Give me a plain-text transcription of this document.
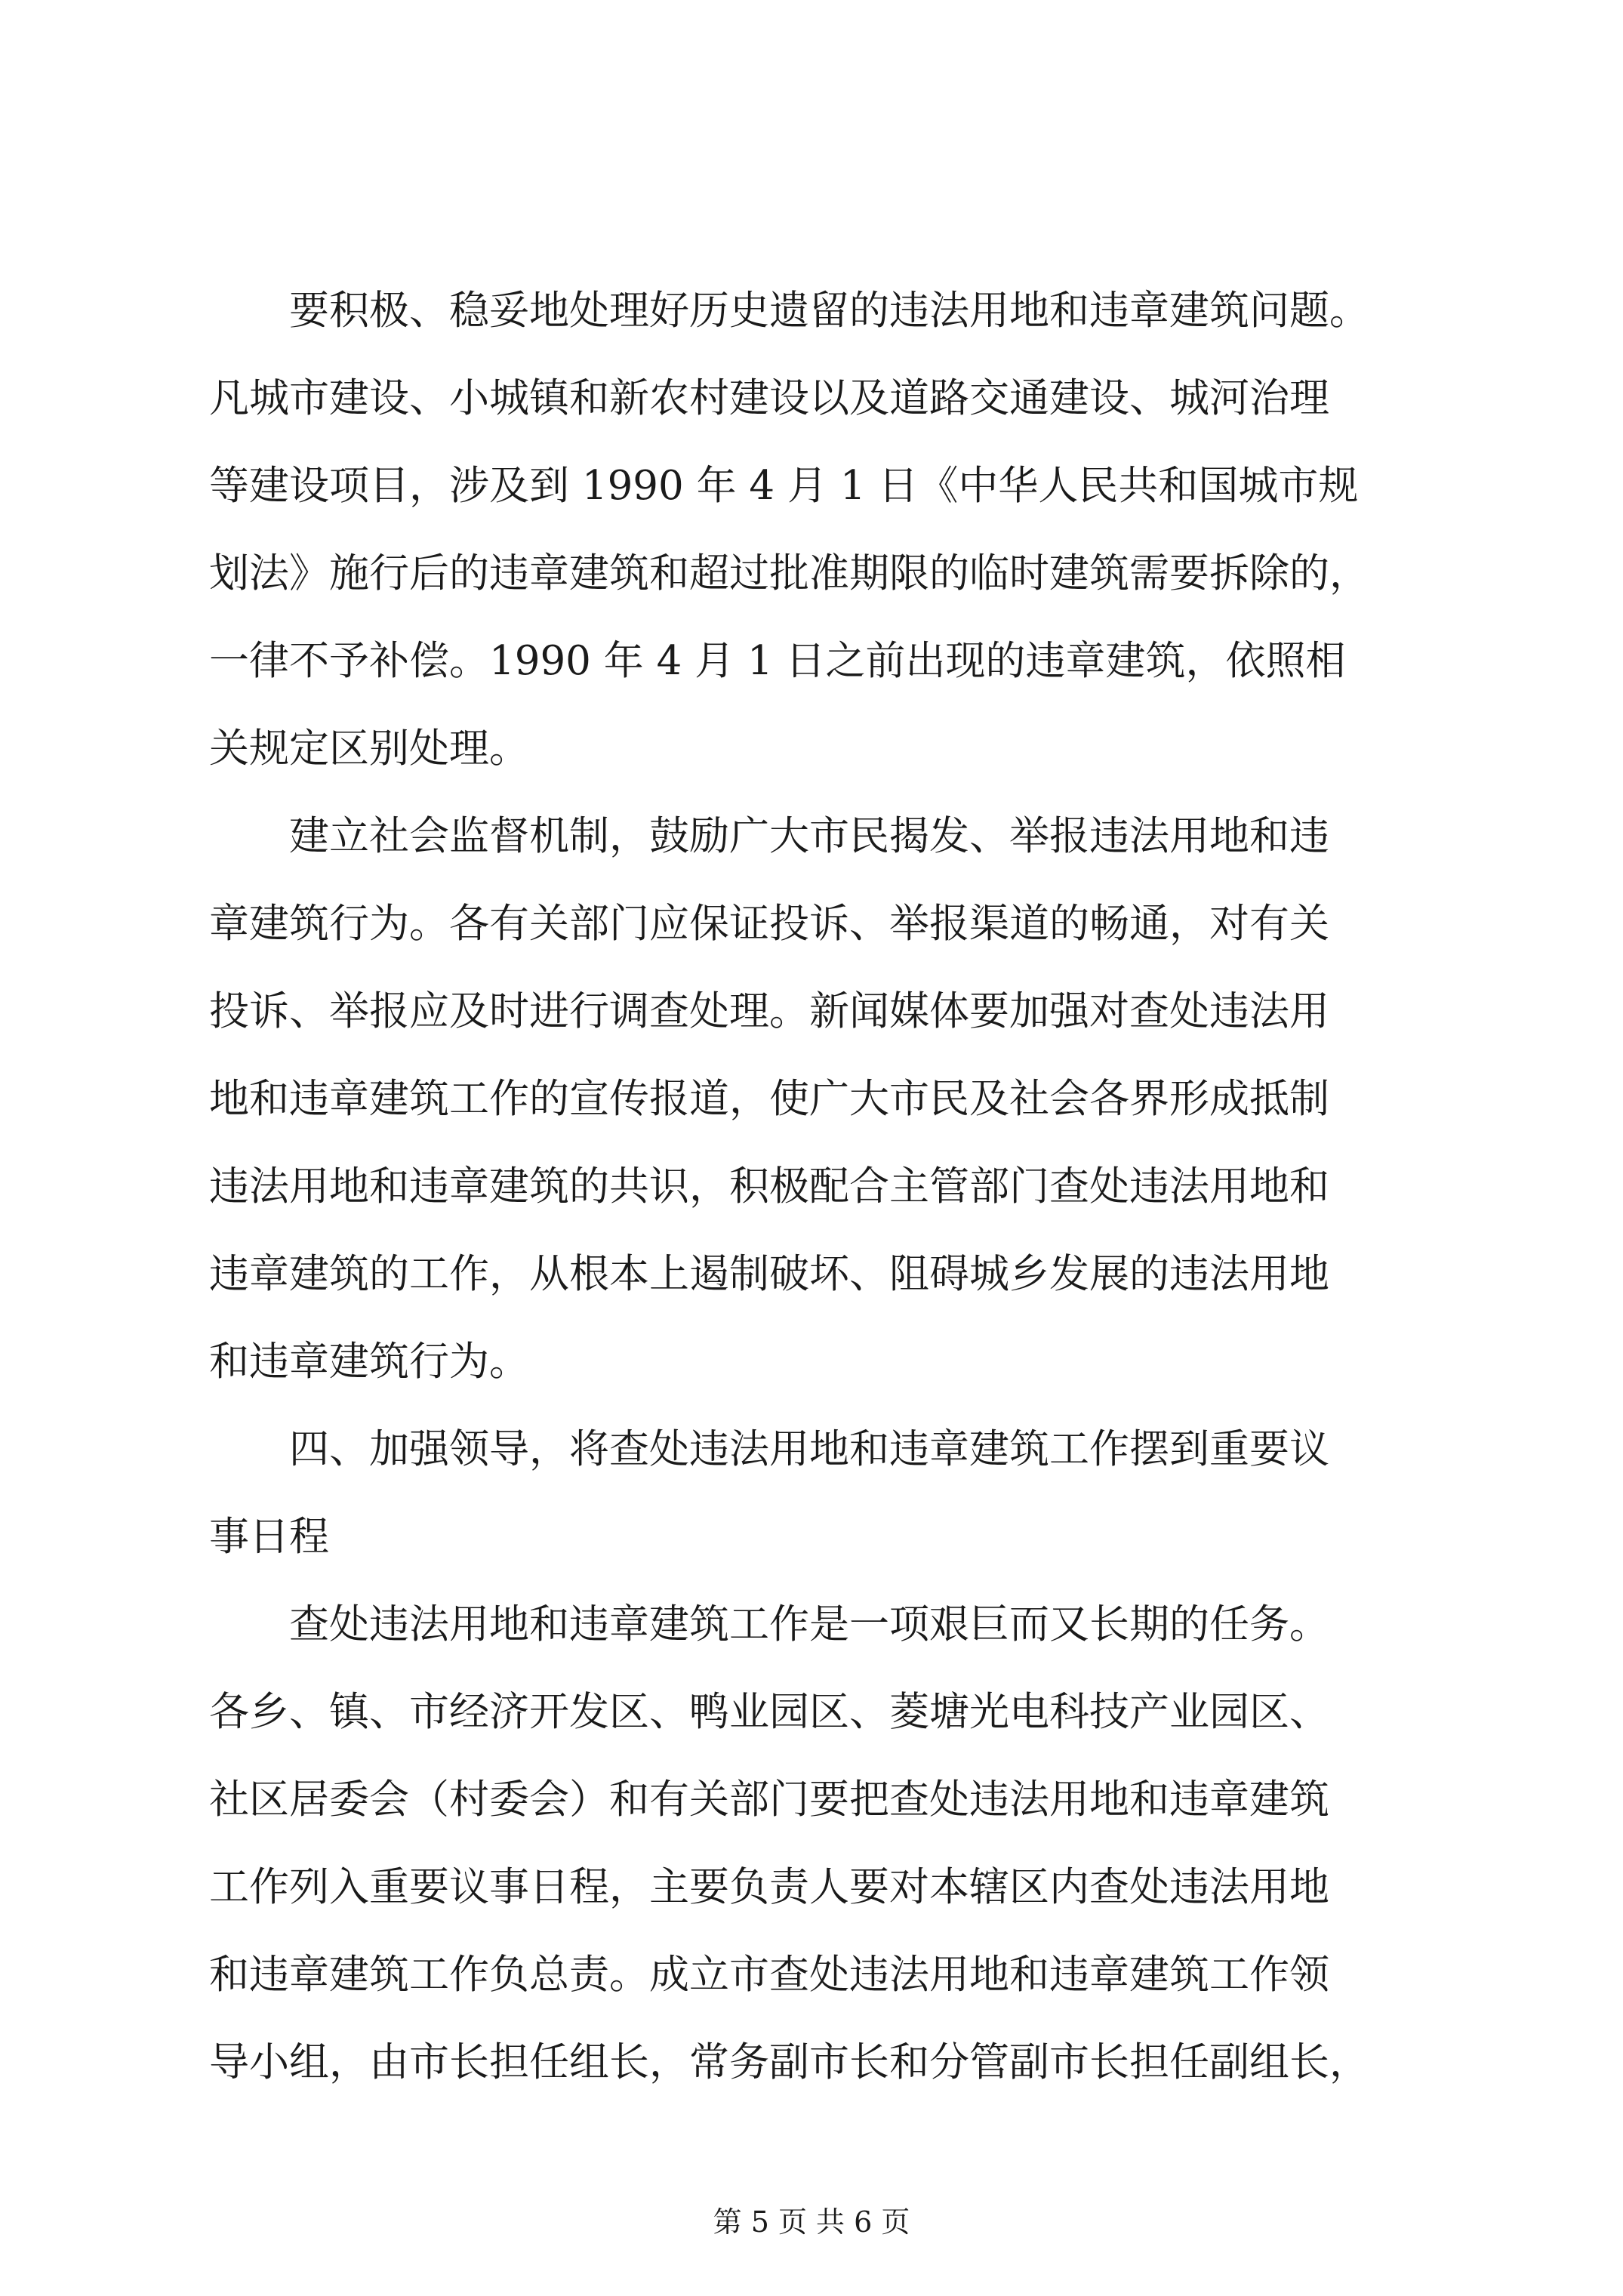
　　要积极、稳妥地处理好历史遗留的违法用地和违章建筑问题。
凡城市建设、小城镇和新农村建设以及道路交通建设、城河治理
等建设项目，涉及到 1990 年 4 月 1 日《中华人民共和国城市规
划法》施行后的违章建筑和超过批准期限的临时建筑需要拆除的，
一律不予补偿。1990 年 4 月 1 日之前出现的违章建筑，依照相
关规定区别处理。
　　建立社会监督机制，鼓励广大市民揭发、举报违法用地和违
章建筑行为。各有关部门应保证投诉、举报渠道的畅通，对有关
投诉、举报应及时进行调查处理。新闻媒体要加强对查处违法用
地和违章建筑工作的宣传报道，使广大市民及社会各界形成抵制
违法用地和违章建筑的共识，积极配合主管部门查处违法用地和
违章建筑的工作，从根本上遏制破坏、阻碍城乡发展的违法用地
和违章建筑行为。
　　四、加强领导，将查处违法用地和违章建筑工作摆到重要议
事日程
　　查处违法用地和违章建筑工作是一项艰巨而又长期的任务。
各乡、镇、市经济开发区、鸭业园区、菱塘光电科技产业园区、
社区居委会（村委会）和有关部门要把查处违法用地和违章建筑
工作列入重要议事日程，主要负责人要对本辖区内查处违法用地
和违章建筑工作负总责。成立市查处违法用地和违章建筑工作领
导小组，由市长担任组长，常务副市长和分管副市长担任副组长，
第 5 页 共 6 页
